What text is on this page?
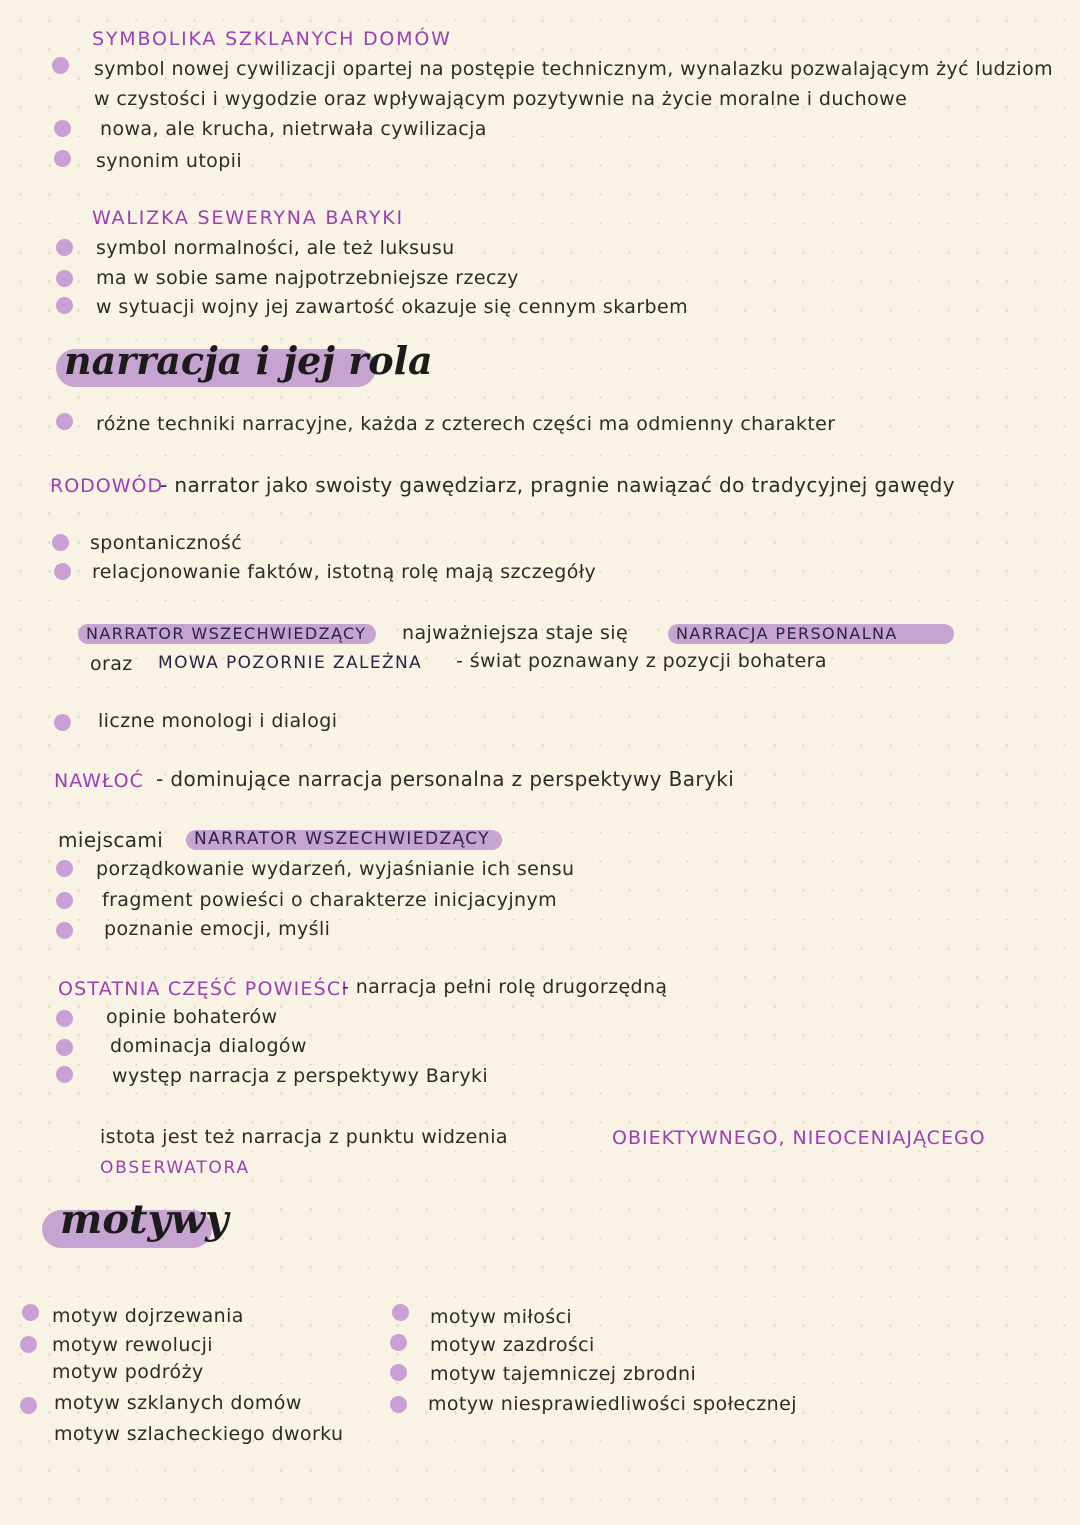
SYMBOLIKA SZKLANYCH DOMÓW
symbol nowej cywilizacji opartej na postępie technicznym, wynalazku pozwalającym żyć ludziom
w czystości i wygodzie oraz wpływającym pozytywnie na życie moralne i duchowe
nowa, ale krucha, nietrwała cywilizacja
synonim utopii
WALIZKA SEWERYNA BARYKI
symbol normalności, ale też luksusu
ma w sobie same najpotrzebniejsze rzeczy
w sytuacji wojny jej zawartość okazuje się cennym skarbem
narracja i jej rola
różne techniki narracyjne, każda z czterech części ma odmienny charakter
RODOWÓD
- narrator jako swoisty gawędziarz, pragnie nawiązać do tradycyjnej gawędy
spontaniczność
relacjonowanie faktów, istotną rolę mają szczegóły
NARRATOR WSZECHWIEDZĄCY najważniejsza staje się	NARRACJA PERSONALNA
oraz MOWA POZORNIE ZALEŻNA - świat poznawany z pozycji bohatera
liczne monologi i dialogi
NAWŁOĆ - dominujące narracja personalna z perspektywy Baryki
miejscami NARRATOR WSZECHWIEDZĄCY
porządkowanie wydarzeń, wyjaśnianie ich sensu
fragment powieści o charakterze inicjacyjnym
poznanie emocji, myśli
OSTATNIA CZĘŚĆ POWIEŚCI
- narracja pełni rolę drugorzędną
opinie bohaterów
dominacja dialogów
występ narracja z perspektywy Baryki
istota jest też narracja z punktu widzenia	OBIEKTYWNEGO, NIEOCENIAJĄCEGO
OBSERWATORA
motywy
motyw dojrzewania
motyw rewolucji
motyw podróży
motyw szklanych domów
motyw szlacheckiego dworku
motyw miłości
motyw zazdrości
motyw tajemniczej zbrodni
motyw niesprawiedliwości społecznej
